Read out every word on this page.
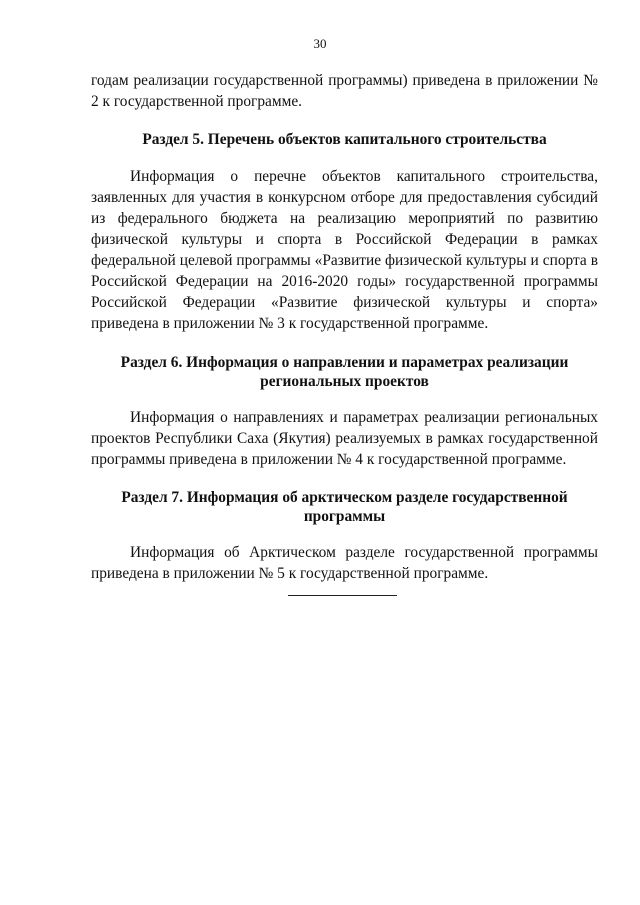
30

годам реализации государственной программы) приведена в приложении № 2 к государственной программе.

Раздел 5. Перечень объектов капитального строительства

Информация о перечне объектов капитального строительства, заявленных для участия в конкурсном отборе для предоставления субсидий из федерального бюджета на реализацию мероприятий по развитию физической культуры и спорта в Российской Федерации в рамках федеральной целевой программы «Развитие физической культуры и спорта в Российской Федерации на 2016-2020 годы» государственной программы Российской Федерации «Развитие физической культуры и спорта» приведена в приложении № 3 к государственной программе.

Раздел 6. Информация о направлении и параметрах реализации региональных проектов

Информация о направлениях и параметрах реализации региональных проектов Республики Саха (Якутия) реализуемых в рамках государственной программы приведена в приложении № 4 к государственной программе.

Раздел 7. Информация об арктическом разделе государственной программы

Информация об Арктическом разделе государственной программы приведена в приложении № 5 к государственной программе.
